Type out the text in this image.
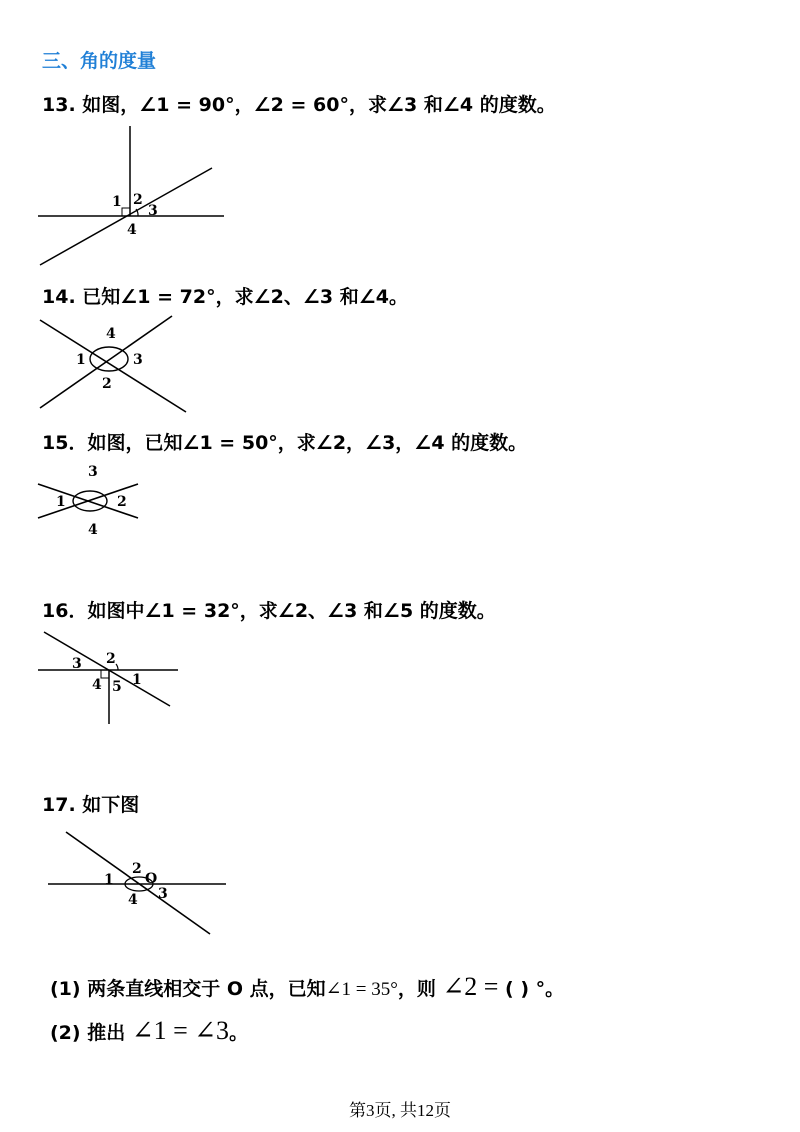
三、角的度量
13. 如图，∠1 = 90°，∠2 = 60°，求∠3 和∠4 的度数。
1 2
3
4
14. 已知∠1 = 72°，求∠2、∠3 和∠4。
4
1	3
2
15．如图，已知∠1 = 50°，求∠2，∠3，∠4 的度数。
3
1	2
4
16．如图中∠1 = 32°，求∠2、∠3 和∠5 的度数。
2
3
4 5 1
17. 如下图
2
1 O
3
4
(1) 两条直线相交于 O 点，已知∠1 = 35°，则 ∠2 = ( ) °。
(2) 推出 ∠1 = ∠3。
第3页, 共12页
